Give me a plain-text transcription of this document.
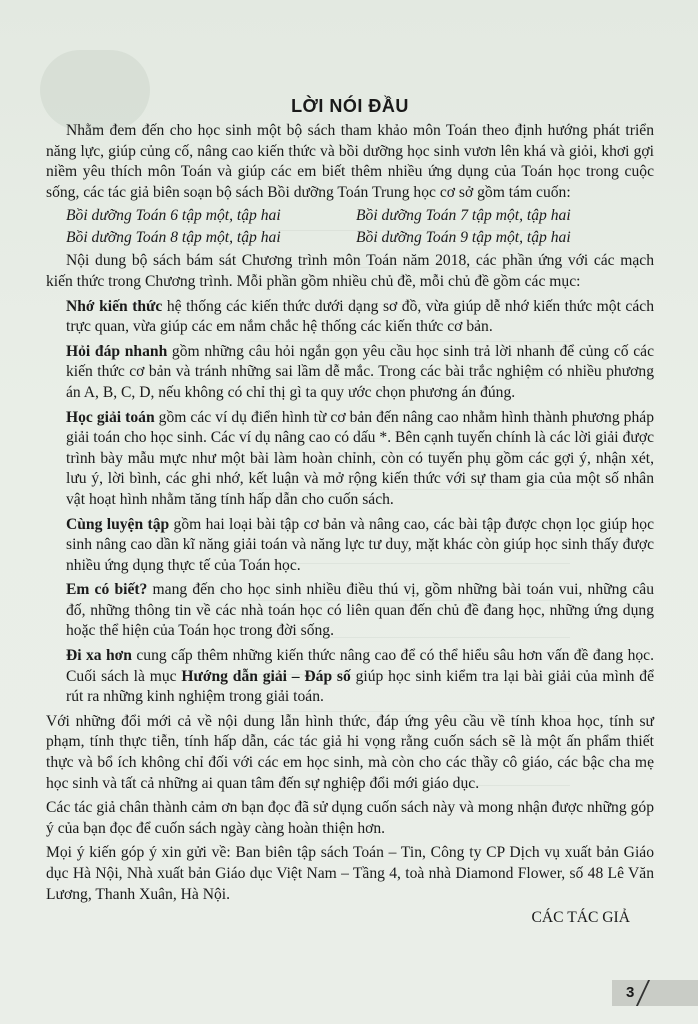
LỜI NÓI ĐẦU

Nhằm đem đến cho học sinh một bộ sách tham khảo môn Toán theo định hướng phát triển năng lực, giúp củng cố, nâng cao kiến thức và bồi dưỡng học sinh vươn lên khá và giỏi, khơi gợi niềm yêu thích môn Toán và giúp các em biết thêm nhiều ứng dụng của Toán học trong cuộc sống, các tác giả biên soạn bộ sách Bồi dưỡng Toán Trung học cơ sở gồm tám cuốn:

Bồi dưỡng Toán 6 tập một, tập hai	Bồi dưỡng Toán 7 tập một, tập hai
Bồi dưỡng Toán 8 tập một, tập hai	Bồi dưỡng Toán 9 tập một, tập hai

Nội dung bộ sách bám sát Chương trình môn Toán năm 2018, các phần ứng với các mạch kiến thức trong Chương trình. Mỗi phần gồm nhiều chủ đề, mỗi chủ đề gồm các mục:

Nhớ kiến thức hệ thống các kiến thức dưới dạng sơ đồ, vừa giúp dễ nhớ kiến thức một cách trực quan, vừa giúp các em nắm chắc hệ thống các kiến thức cơ bản.

Hỏi đáp nhanh gồm những câu hỏi ngắn gọn yêu cầu học sinh trả lời nhanh để củng cố các kiến thức cơ bản và tránh những sai lầm dễ mắc. Trong các bài trắc nghiệm có nhiều phương án A, B, C, D, nếu không có chỉ thị gì ta quy ước chọn phương án đúng.

Học giải toán gồm các ví dụ điển hình từ cơ bản đến nâng cao nhằm hình thành phương pháp giải toán cho học sinh. Các ví dụ nâng cao có dấu *. Bên cạnh tuyến chính là các lời giải được trình bày mẫu mực như một bài làm hoàn chỉnh, còn có tuyến phụ gồm các gợi ý, nhận xét, lưu ý, lời bình, các ghi nhớ, kết luận và mở rộng kiến thức với sự tham gia của một số nhân vật hoạt hình nhằm tăng tính hấp dẫn cho cuốn sách.

Cùng luyện tập gồm hai loại bài tập cơ bản và nâng cao, các bài tập được chọn lọc giúp học sinh nâng cao dần kĩ năng giải toán và năng lực tư duy, mặt khác còn giúp học sinh thấy được nhiều ứng dụng thực tế của Toán học.

Em có biết? mang đến cho học sinh nhiều điều thú vị, gồm những bài toán vui, những câu đố, những thông tin về các nhà toán học có liên quan đến chủ đề đang học, những ứng dụng hoặc thể hiện của Toán học trong đời sống.

Đi xa hơn cung cấp thêm những kiến thức nâng cao để có thể hiểu sâu hơn vấn đề đang học. Cuối sách là mục Hướng dẫn giải – Đáp số giúp học sinh kiểm tra lại bài giải của mình để rút ra những kinh nghiệm trong giải toán.

Với những đổi mới cả về nội dung lẫn hình thức, đáp ứng yêu cầu về tính khoa học, tính sư phạm, tính thực tiễn, tính hấp dẫn, các tác giả hi vọng rằng cuốn sách sẽ là một ấn phẩm thiết thực và bổ ích không chỉ đối với các em học sinh, mà còn cho các thầy cô giáo, các bậc cha mẹ học sinh và tất cả những ai quan tâm đến sự nghiệp đổi mới giáo dục.

Các tác giả chân thành cảm ơn bạn đọc đã sử dụng cuốn sách này và mong nhận được những góp ý của bạn đọc để cuốn sách ngày càng hoàn thiện hơn.

Mọi ý kiến góp ý xin gửi về: Ban biên tập sách Toán – Tin, Công ty CP Dịch vụ xuất bản Giáo dục Hà Nội, Nhà xuất bản Giáo dục Việt Nam – Tầng 4, toà nhà Diamond Flower, số 48 Lê Văn Lương, Thanh Xuân, Hà Nội.

CÁC TÁC GIẢ
3
